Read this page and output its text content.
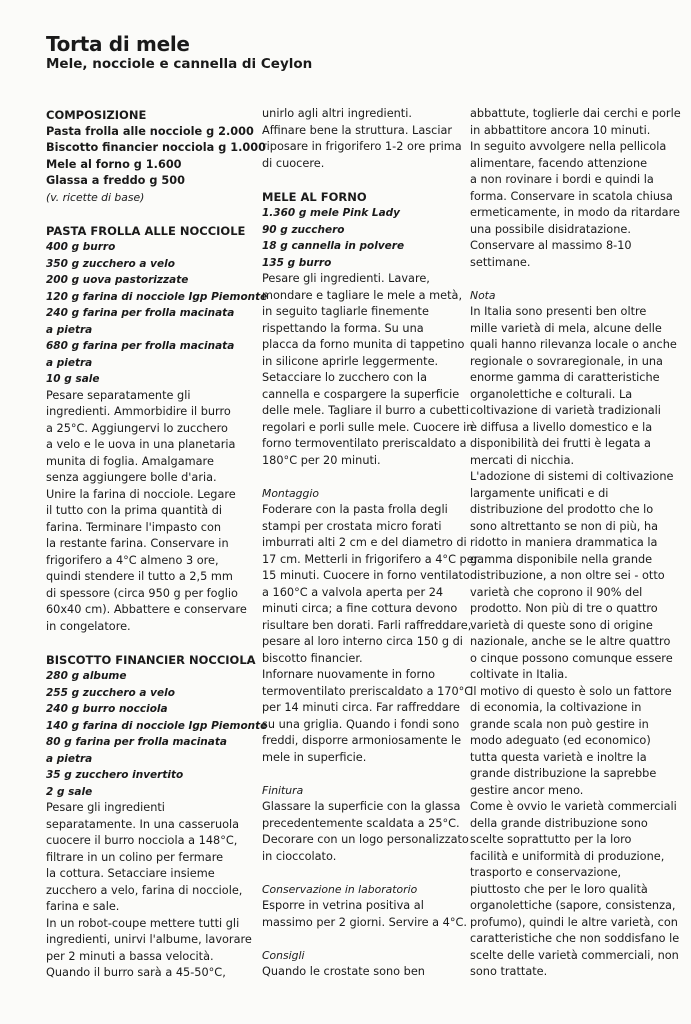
Torta di mele
Mele, nocciole e cannella di Ceylon
COMPOSIZIONE
Pasta frolla alle nocciole g 2.000
Biscotto financier nocciola g 1.000
Mele al forno g 1.600
Glassa a freddo g 500
(v. ricette di base)
PASTA FROLLA ALLE NOCCIOLE
400 g burro
350 g zucchero a velo
200 g uova pastorizzate
120 g farina di nocciole Igp Piemonte
240 g farina per frolla macinata
a pietra
680 g farina per frolla macinata
a pietra
10 g sale
Pesare separatamente gli
ingredienti. Ammorbidire il burro
a 25°C. Aggiungervi lo zucchero
a velo e le uova in una planetaria
munita di foglia. Amalgamare
senza aggiungere bolle d'aria.
Unire la farina di nocciole. Legare
il tutto con la prima quantità di
farina. Terminare l'impasto con
la restante farina. Conservare in
frigorifero a 4°C almeno 3 ore,
quindi stendere il tutto a 2,5 mm
di spessore (circa 950 g per foglio
60x40 cm). Abbattere e conservare
in congelatore.
BISCOTTO FINANCIER NOCCIOLA
280 g albume
255 g zucchero a velo
240 g burro nocciola
140 g farina di nocciole Igp Piemonte
80 g farina per frolla macinata
a pietra
35 g zucchero invertito
2 g sale
Pesare gli ingredienti
separatamente. In una casseruola
cuocere il burro nocciola a 148°C,
filtrare in un colino per fermare
la cottura. Setacciare insieme
zucchero a velo, farina di nocciole,
farina e sale.
In un robot-coupe mettere tutti gli
ingredienti, unirvi l'albume, lavorare
per 2 minuti a bassa velocità.
Quando il burro sarà a 45-50°C,
unirlo agli altri ingredienti.
Affinare bene la struttura. Lasciar
riposare in frigorifero 1-2 ore prima
di cuocere.
MELE AL FORNO
1.360 g mele Pink Lady
90 g zucchero
18 g cannella in polvere
135 g burro
Pesare gli ingredienti. Lavare,
mondare e tagliare le mele a metà,
in seguito tagliarle finemente
rispettando la forma. Su una
placca da forno munita di tappetino
in silicone aprirle leggermente.
Setacciare lo zucchero con la
cannella e cospargere la superficie
delle mele. Tagliare il burro a cubetti
regolari e porli sulle mele. Cuocere in
forno termoventilato preriscaldato a
180°C per 20 minuti.
Montaggio
Foderare con la pasta frolla degli
stampi per crostata micro forati
imburrati alti 2 cm e del diametro di
17 cm. Metterli in frigorifero a 4°C per
15 minuti. Cuocere in forno ventilato
a 160°C a valvola aperta per 24
minuti circa; a fine cottura devono
risultare ben dorati. Farli raffreddare,
pesare al loro interno circa 150 g di
biscotto financier.
Infornare nuovamente in forno
termoventilato preriscaldato a 170°C
per 14 minuti circa. Far raffreddare
su una griglia. Quando i fondi sono
freddi, disporre armoniosamente le
mele in superficie.
Finitura
Glassare la superficie con la glassa
precedentemente scaldata a 25°C.
Decorare con un logo personalizzato
in cioccolato.
Conservazione in laboratorio
Esporre in vetrina positiva al
massimo per 2 giorni. Servire a 4°C.
Consigli
Quando le crostate sono ben
abbattute, toglierle dai cerchi e porle
in abbattitore ancora 10 minuti.
In seguito avvolgere nella pellicola
alimentare, facendo attenzione
a non rovinare i bordi e quindi la
forma. Conservare in scatola chiusa
ermeticamente, in modo da ritardare
una possibile disidratazione.
Conservare al massimo 8-10
settimane.
Nota
In Italia sono presenti ben oltre
mille varietà di mela, alcune delle
quali hanno rilevanza locale o anche
regionale o sovraregionale, in una
enorme gamma di caratteristiche
organolettiche e colturali. La
coltivazione di varietà tradizionali
è diffusa a livello domestico e la
disponibilità dei frutti è legata a
mercati di nicchia.
L'adozione di sistemi di coltivazione
largamente unificati e di
distribuzione del prodotto che lo
sono altrettanto se non di più, ha
ridotto in maniera drammatica la
gamma disponibile nella grande
distribuzione, a non oltre sei - otto
varietà che coprono il 90% del
prodotto. Non più di tre o quattro
varietà di queste sono di origine
nazionale, anche se le altre quattro
o cinque possono comunque essere
coltivate in Italia.
Il motivo di questo è solo un fattore
di economia, la coltivazione in
grande scala non può gestire in
modo adeguato (ed economico)
tutta questa varietà e inoltre la
grande distribuzione la saprebbe
gestire ancor meno.
Come è ovvio le varietà commerciali
della grande distribuzione sono
scelte soprattutto per la loro
facilità e uniformità di produzione,
trasporto e conservazione,
piuttosto che per le loro qualità
organolettiche (sapore, consistenza,
profumo), quindi le altre varietà, con
caratteristiche che non soddisfano le
scelte delle varietà commerciali, non
sono trattate.
